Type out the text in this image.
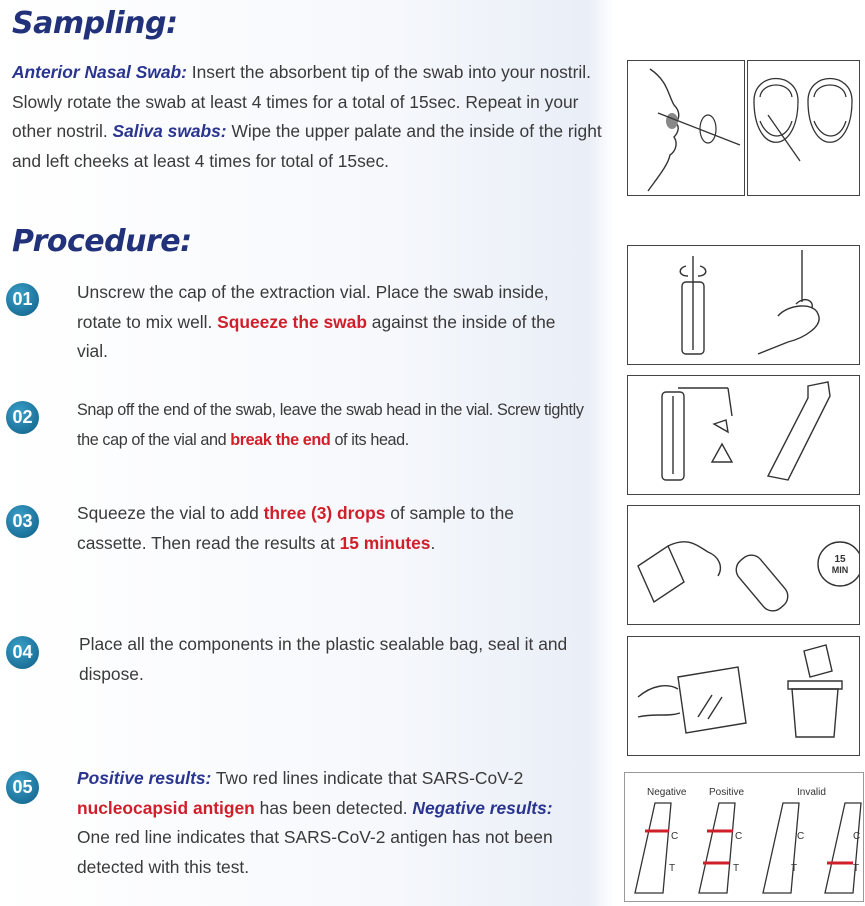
Sampling:
Anterior Nasal Swab: Insert the absorbent tip of the swab into your nostril. Slowly rotate the swab at least 4 times for a total of 15sec. Repeat in your other nostril. Saliva swabs: Wipe the upper palate and the inside of the right and left cheeks at least 4 times for total of 15sec.
Procedure:
01	Unscrew the cap of the extraction vial. Place the swab inside, rotate to mix well. Squeeze the swab against the inside of the vial.
02	Snap off the end of the swab, leave the swab head in the vial. Screw tightly the cap of the vial and break the end of its head.
03	Squeeze the vial to add three (3) drops of sample to the cassette. Then read the results at 15 minutes.
04	Place all the components in the plastic sealable bag, seal it and dispose.
05	Positive results: Two red lines indicate that SARS-CoV-2 nucleocapsid antigen has been detected. Negative results: One red line indicates that SARS-CoV-2 antigen has not been detected with this test.
15
MIN
Negative Positive	Invalid
C
T
C
T
C
T
C
T
